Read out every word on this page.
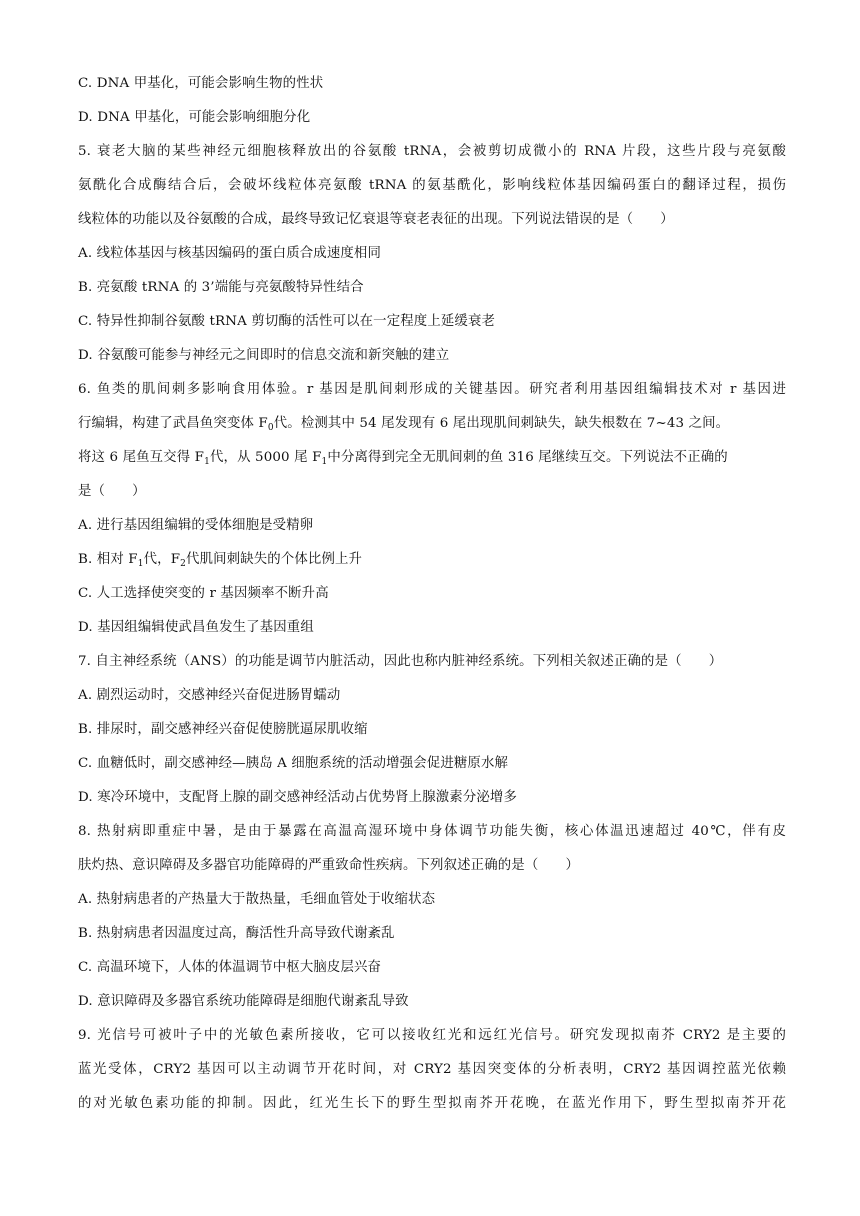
C. DNA 甲基化，可能会影响生物的性状
D. DNA 甲基化，可能会影响细胞分化
5. 衰老大脑的某些神经元细胞核释放出的谷氨酸 tRNA，会被剪切成微小的 RNA 片段，这些片段与亮氨酸
氨酰化合成酶结合后，会破坏线粒体亮氨酸 tRNA 的氨基酰化，影响线粒体基因编码蛋白的翻译过程，损伤
线粒体的功能以及谷氨酸的合成，最终导致记忆衰退等衰老表征的出现。下列说法错误的是（　　）
A. 线粒体基因与核基因编码的蛋白质合成速度相同
B. 亮氨酸 tRNA 的 3’端能与亮氨酸特异性结合
C. 特异性抑制谷氨酸 tRNA 剪切酶的活性可以在一定程度上延缓衰老
D. 谷氨酸可能参与神经元之间即时的信息交流和新突触的建立
6. 鱼类的肌间刺多影响食用体验。r 基因是肌间刺形成的关键基因。研究者利用基因组编辑技术对 r 基因进
行编辑，构建了武昌鱼突变体 $F_0$代。检测其中 54 尾发现有 6 尾出现肌间刺缺失，缺失根数在 7~43 之间。
将这 6 尾鱼互交得 $F_1$代，从 5000 尾 $F_1$中分离得到完全无肌间刺的鱼 316 尾继续互交。下列说法不正确的
是（　　）
A. 进行基因组编辑的受体细胞是受精卵
B. 相对 $F_1$代，$F_2$代肌间刺缺失的个体比例上升
C. 人工选择使突变的 r 基因频率不断升高
D. 基因组编辑使武昌鱼发生了基因重组
7. 自主神经系统（ANS）的功能是调节内脏活动，因此也称内脏神经系统。下列相关叙述正确的是（　　）
A. 剧烈运动时，交感神经兴奋促进肠胃蠕动
B. 排尿时，副交感神经兴奋促使膀胱逼尿肌收缩
C. 血糖低时，副交感神经—胰岛 A 细胞系统的活动增强会促进糖原水解
D. 寒冷环境中，支配肾上腺的副交感神经活动占优势肾上腺激素分泌增多
8. 热射病即重症中暑，是由于暴露在高温高湿环境中身体调节功能失衡，核心体温迅速超过 40℃，伴有皮
肤灼热、意识障碍及多器官功能障碍的严重致命性疾病。下列叙述正确的是（　　）
A. 热射病患者的产热量大于散热量，毛细血管处于收缩状态
B. 热射病患者因温度过高，酶活性升高导致代谢紊乱
C. 高温环境下，人体的体温调节中枢大脑皮层兴奋
D. 意识障碍及多器官系统功能障碍是细胞代谢紊乱导致
9. 光信号可被叶子中的光敏色素所接收，它可以接收红光和远红光信号。研究发现拟南芥 CRY2 是主要的
蓝光受体，CRY2 基因可以主动调节开花时间，对 CRY2 基因突变体的分析表明，CRY2 基因调控蓝光依赖
的对光敏色素功能的抑制。因此，红光生长下的野生型拟南芥开花晚，在蓝光作用下，野生型拟南芥开花
